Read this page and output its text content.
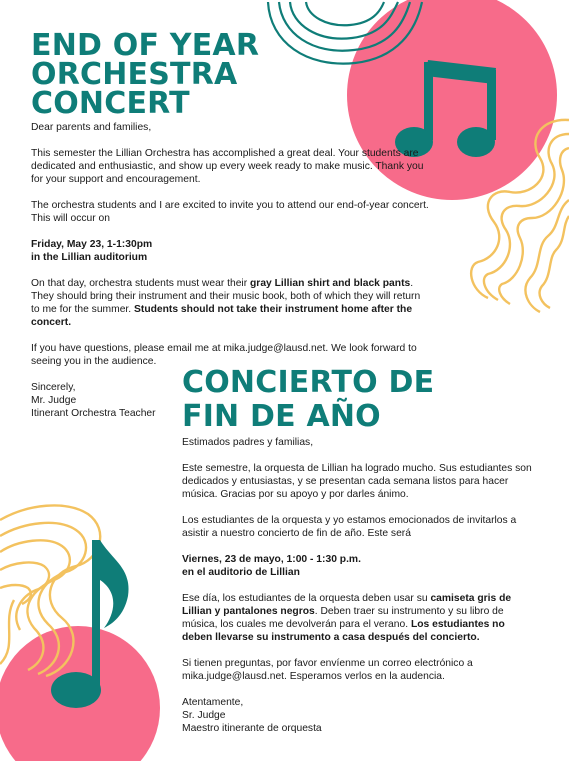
END OF YEAR
ORCHESTRA
CONCERT

Dear parents and families,

This semester the Lillian Orchestra has accomplished a great deal. Your students are dedicated and enthusiastic, and show up every week ready to make music. Thank you for your support and encouragement.

The orchestra students and I are excited to invite you to attend our end-of-year concert. This will occur on

Friday, May 23, 1-1:30pm
in the Lillian auditorium

On that day, orchestra students must wear their gray Lillian shirt and black pants. They should bring their instrument and their music book, both of which they will return to me for the summer. Students should not take their instrument home after the concert.

If you have questions, please email me at mika.judge@lausd.net. We look forward to seeing you in the audience.

Sincerely,

Mr. Judge

Itinerant Orchestra Teacher

CONCIERTO DE
FIN DE AÑO

Estimados padres y familias,

Este semestre, la orquesta de Lillian ha logrado mucho. Sus estudiantes son dedicados y entusiastas, y se presentan cada semana listos para hacer música. Gracias por su apoyo y por darles ánimo.

Los estudiantes de la orquesta y yo estamos emocionados de invitarlos a asistir a nuestro concierto de fin de año. Este será

Viernes, 23 de mayo, 1:00 - 1:30 p.m.
en el auditorio de Lillian

Ese día, los estudiantes de la orquesta deben usar su camiseta gris de Lillian y pantalones negros. Deben traer su instrumento y su libro de música, los cuales me devolverán para el verano. Los estudiantes no deben llevarse su instrumento a casa después del concierto.

Si tienen preguntas, por favor envíenme un correo electrónico a mika.judge@lausd.net. Esperamos verlos en la audencia.

Atentamente,

Sr. Judge

Maestro itinerante de orquesta
